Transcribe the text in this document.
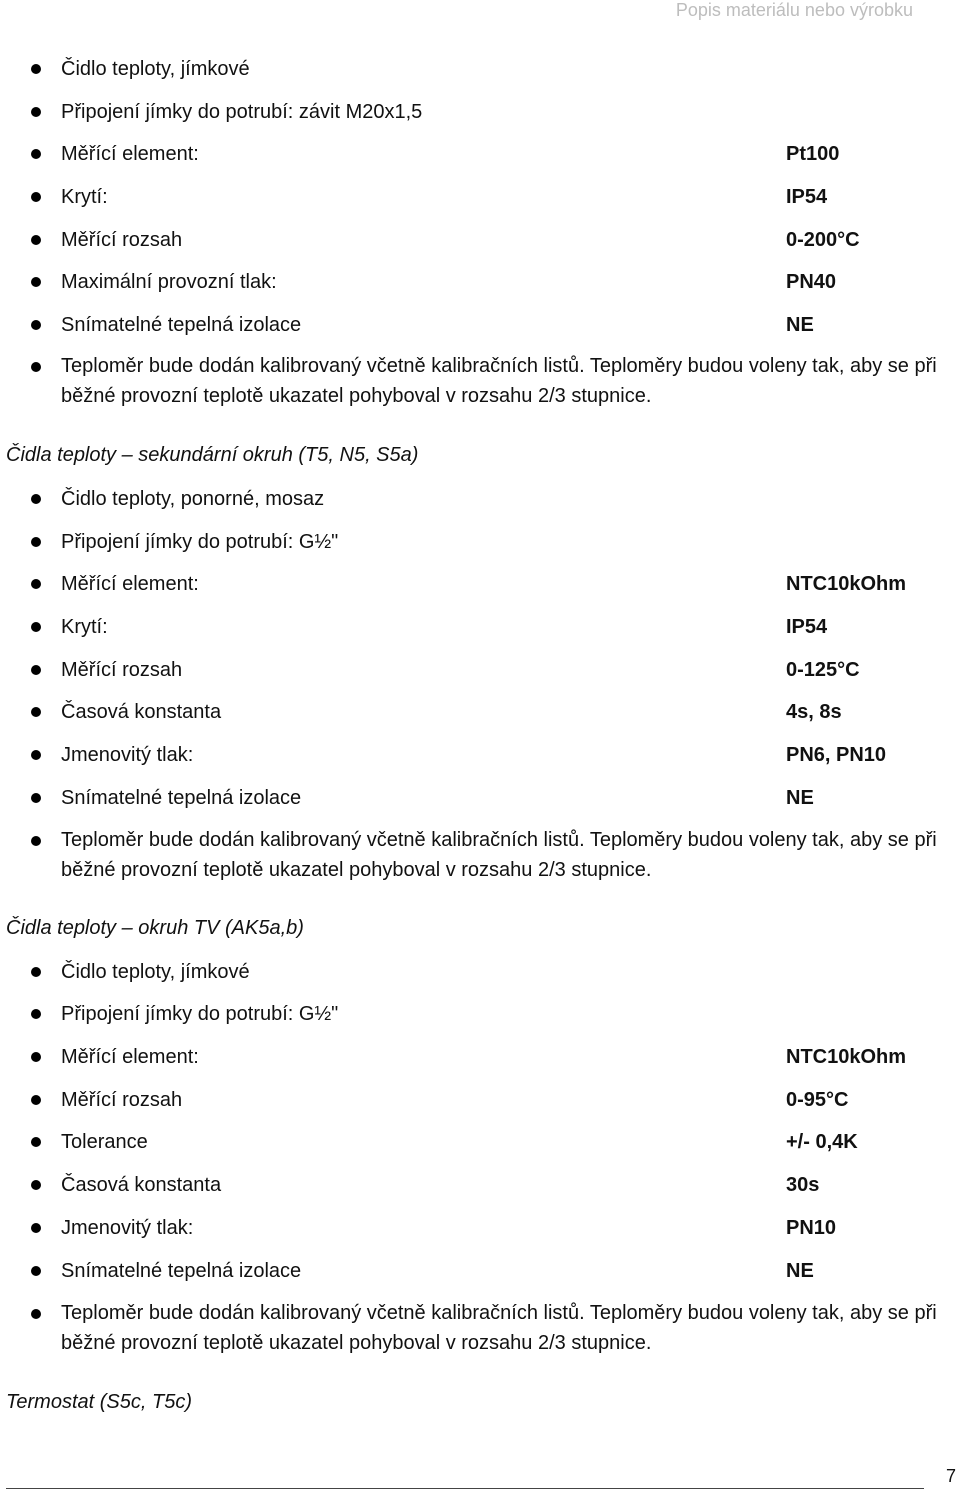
Popis materiálu nebo výrobku
Čidlo teploty, jímkové
Připojení jímky do potrubí: závit M20x1,5
Měřící element:	Pt100
Krytí:	IP54
Měřící rozsah	0-200°C
Maximální provozní tlak:	PN40
Snímatelné tepelná izolace	NE
Teploměr bude dodán kalibrovaný včetně kalibračních listů. Teploměry budou voleny tak, aby se při běžné provozní teplotě ukazatel pohyboval v rozsahu 2/3 stupnice.
Čidla teploty – sekundární okruh (T5, N5, S5a)
Čidlo teploty, ponorné, mosaz
Připojení jímky do potrubí: G½"
Měřící element:	NTC10kOhm
Krytí:	IP54
Měřící rozsah	0-125°C
Časová konstanta	4s, 8s
Jmenovitý tlak:	PN6, PN10
Snímatelné tepelná izolace	NE
Teploměr bude dodán kalibrovaný včetně kalibračních listů. Teploměry budou voleny tak, aby se při běžné provozní teplotě ukazatel pohyboval v rozsahu 2/3 stupnice.
Čidla teploty – okruh TV (AK5a,b)
Čidlo teploty, jímkové
Připojení jímky do potrubí: G½"
Měřící element:	NTC10kOhm
Měřící rozsah	0-95°C
Tolerance	+/- 0,4K
Časová konstanta	30s
Jmenovitý tlak:	PN10
Snímatelné tepelná izolace	NE
Teploměr bude dodán kalibrovaný včetně kalibračních listů. Teploměry budou voleny tak, aby se při běžné provozní teplotě ukazatel pohyboval v rozsahu 2/3 stupnice.
Termostat (S5c, T5c)
7
